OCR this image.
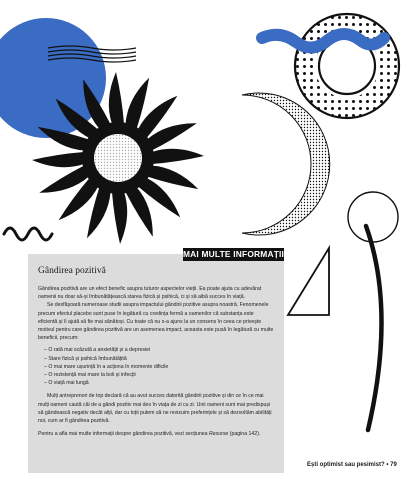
Gândirea pozitivă

Gândirea pozitivă are un efect benefic asupra tuturor aspectelor vieții. Ea poate ajuta cu adevărat oamenii nu doar să-și îmbunătățească starea fizică și psihică, ci și să aibă succes în viață.

Se desfășoară numeroase studii asupra impactului gândirii pozitive asupra noastră. Fenomenele precum efectul placebo sunt puse în legătură cu credința fermă a oamenilor că substanța este eficientă și îi ajută să fie mai sănătoși. Cu toate că nu s-a ajuns la un consens în ceea ce privește motivul pentru care gândirea pozitivă are un asemenea impact, aceasta este pusă în legătură cu multe beneficii, precum:

– O rată mai scăzută a anxietății și a depresiei
– Stare fizică și psihică îmbunătățită
– O mai mare ușurință în a acționa în momente dificile
– O rezistență mai mare la boli și infecții
– O viață mai lungă

Mulți antreprenori de top declară că au avut succes datorită gândirii pozitive și din ce în ce mai mulți oameni caută căi de a gândi pozitiv mai des în viața de zi cu zi. Unii oameni sunt mai predispuși să gândească negativ decât alții, dar cu toții putem să ne revizuim preferințele și să dezvoltăm abilități noi, cum ar fi gândirea pozitivă.

Pentru a afla mai multe informații despre gândirea pozitivă, vezi secțiunea Resurse (pagina 142).

MAI MULTE INFORMAȚII
Ești optimist sau pesimist? • 79
